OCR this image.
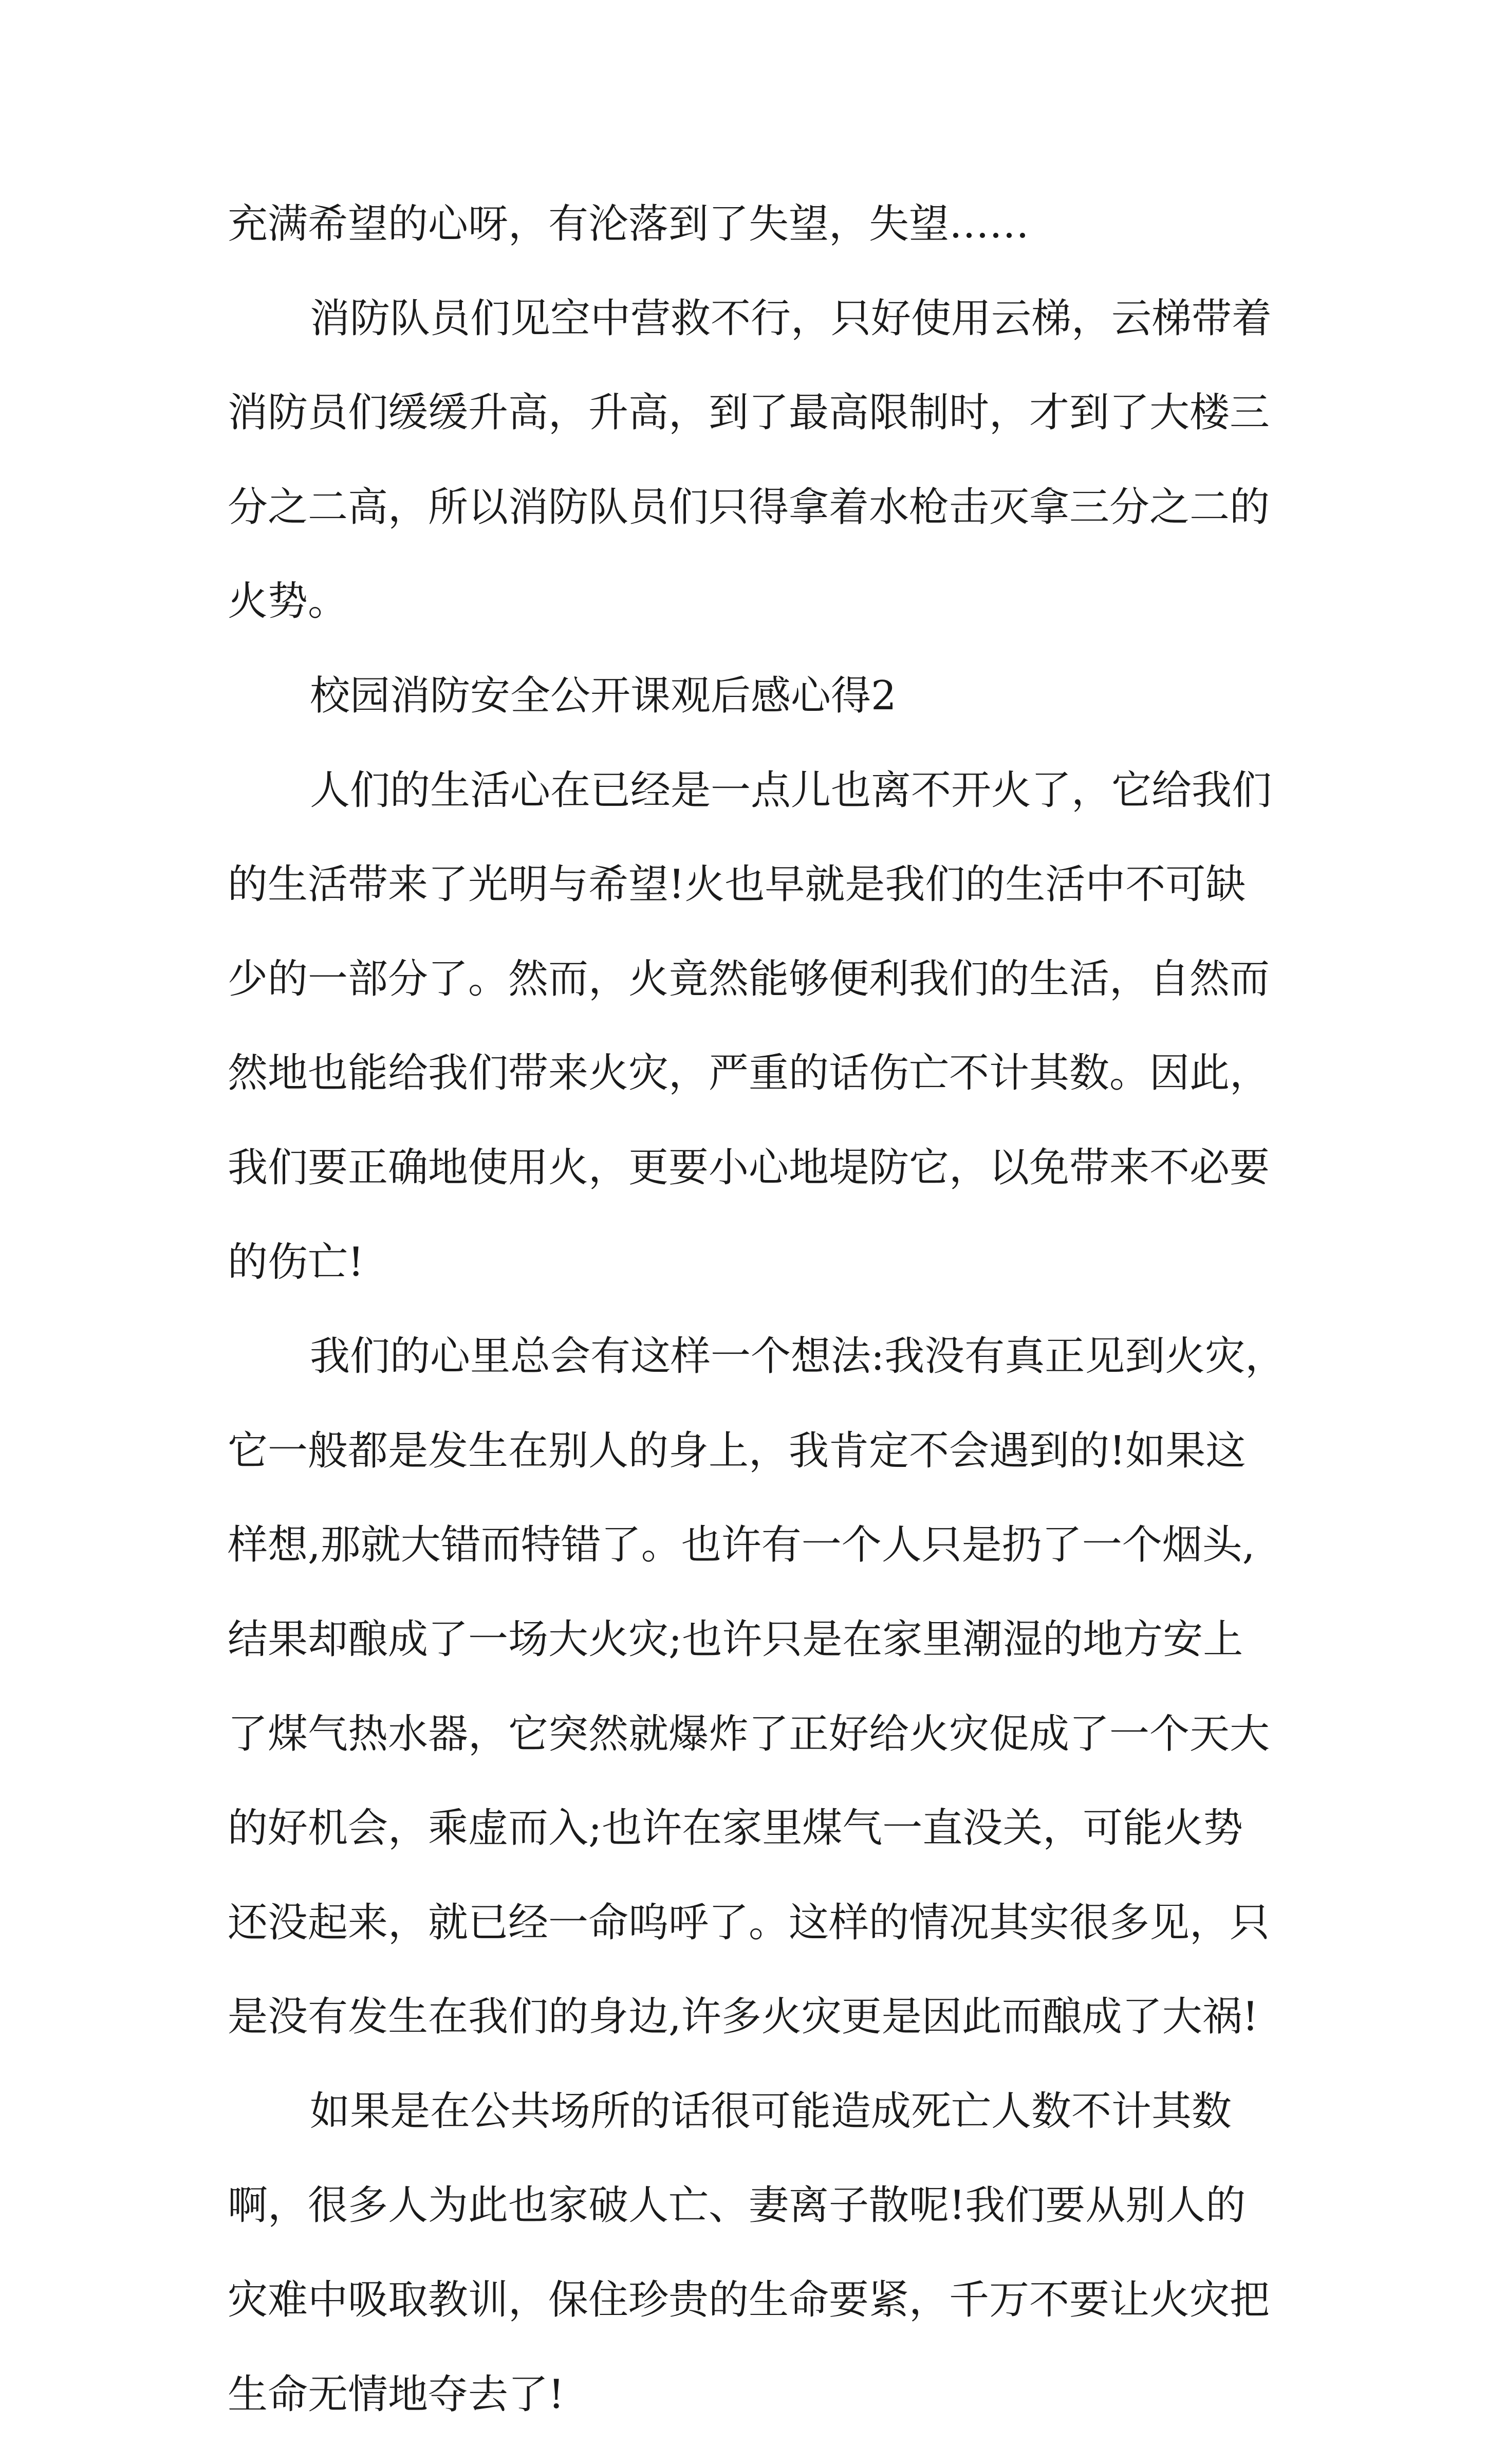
充满希望的心呀，有沦落到了失望，失望……
消防队员们见空中营救不行，只好使用云梯，云梯带着
消防员们缓缓升高，升高，到了最高限制时，才到了大楼三
分之二高，所以消防队员们只得拿着水枪击灭拿三分之二的
火势。
校园消防安全公开课观后感心得2
人们的生活心在已经是一点儿也离不开火了，它给我们
的生活带来了光明与希望!火也早就是我们的生活中不可缺
少的一部分了。然而，火竟然能够便利我们的生活，自然而
然地也能给我们带来火灾，严重的话伤亡不计其数。因此，
我们要正确地使用火，更要小心地堤防它，以免带来不必要
的伤亡!
我们的心里总会有这样一个想法:我没有真正见到火灾，
它一般都是发生在别人的身上，我肯定不会遇到的!如果这
样想,那就大错而特错了。也许有一个人只是扔了一个烟头,
结果却酿成了一场大火灾;也许只是在家里潮湿的地方安上
了煤气热水器，它突然就爆炸了正好给火灾促成了一个天大
的好机会，乘虚而入;也许在家里煤气一直没关，可能火势
还没起来，就已经一命呜呼了。这样的情况其实很多见，只
是没有发生在我们的身边,许多火灾更是因此而酿成了大祸!
如果是在公共场所的话很可能造成死亡人数不计其数
啊，很多人为此也家破人亡、妻离子散呢!我们要从别人的
灾难中吸取教训，保住珍贵的生命要紧，千万不要让火灾把
生命无情地夺去了!
